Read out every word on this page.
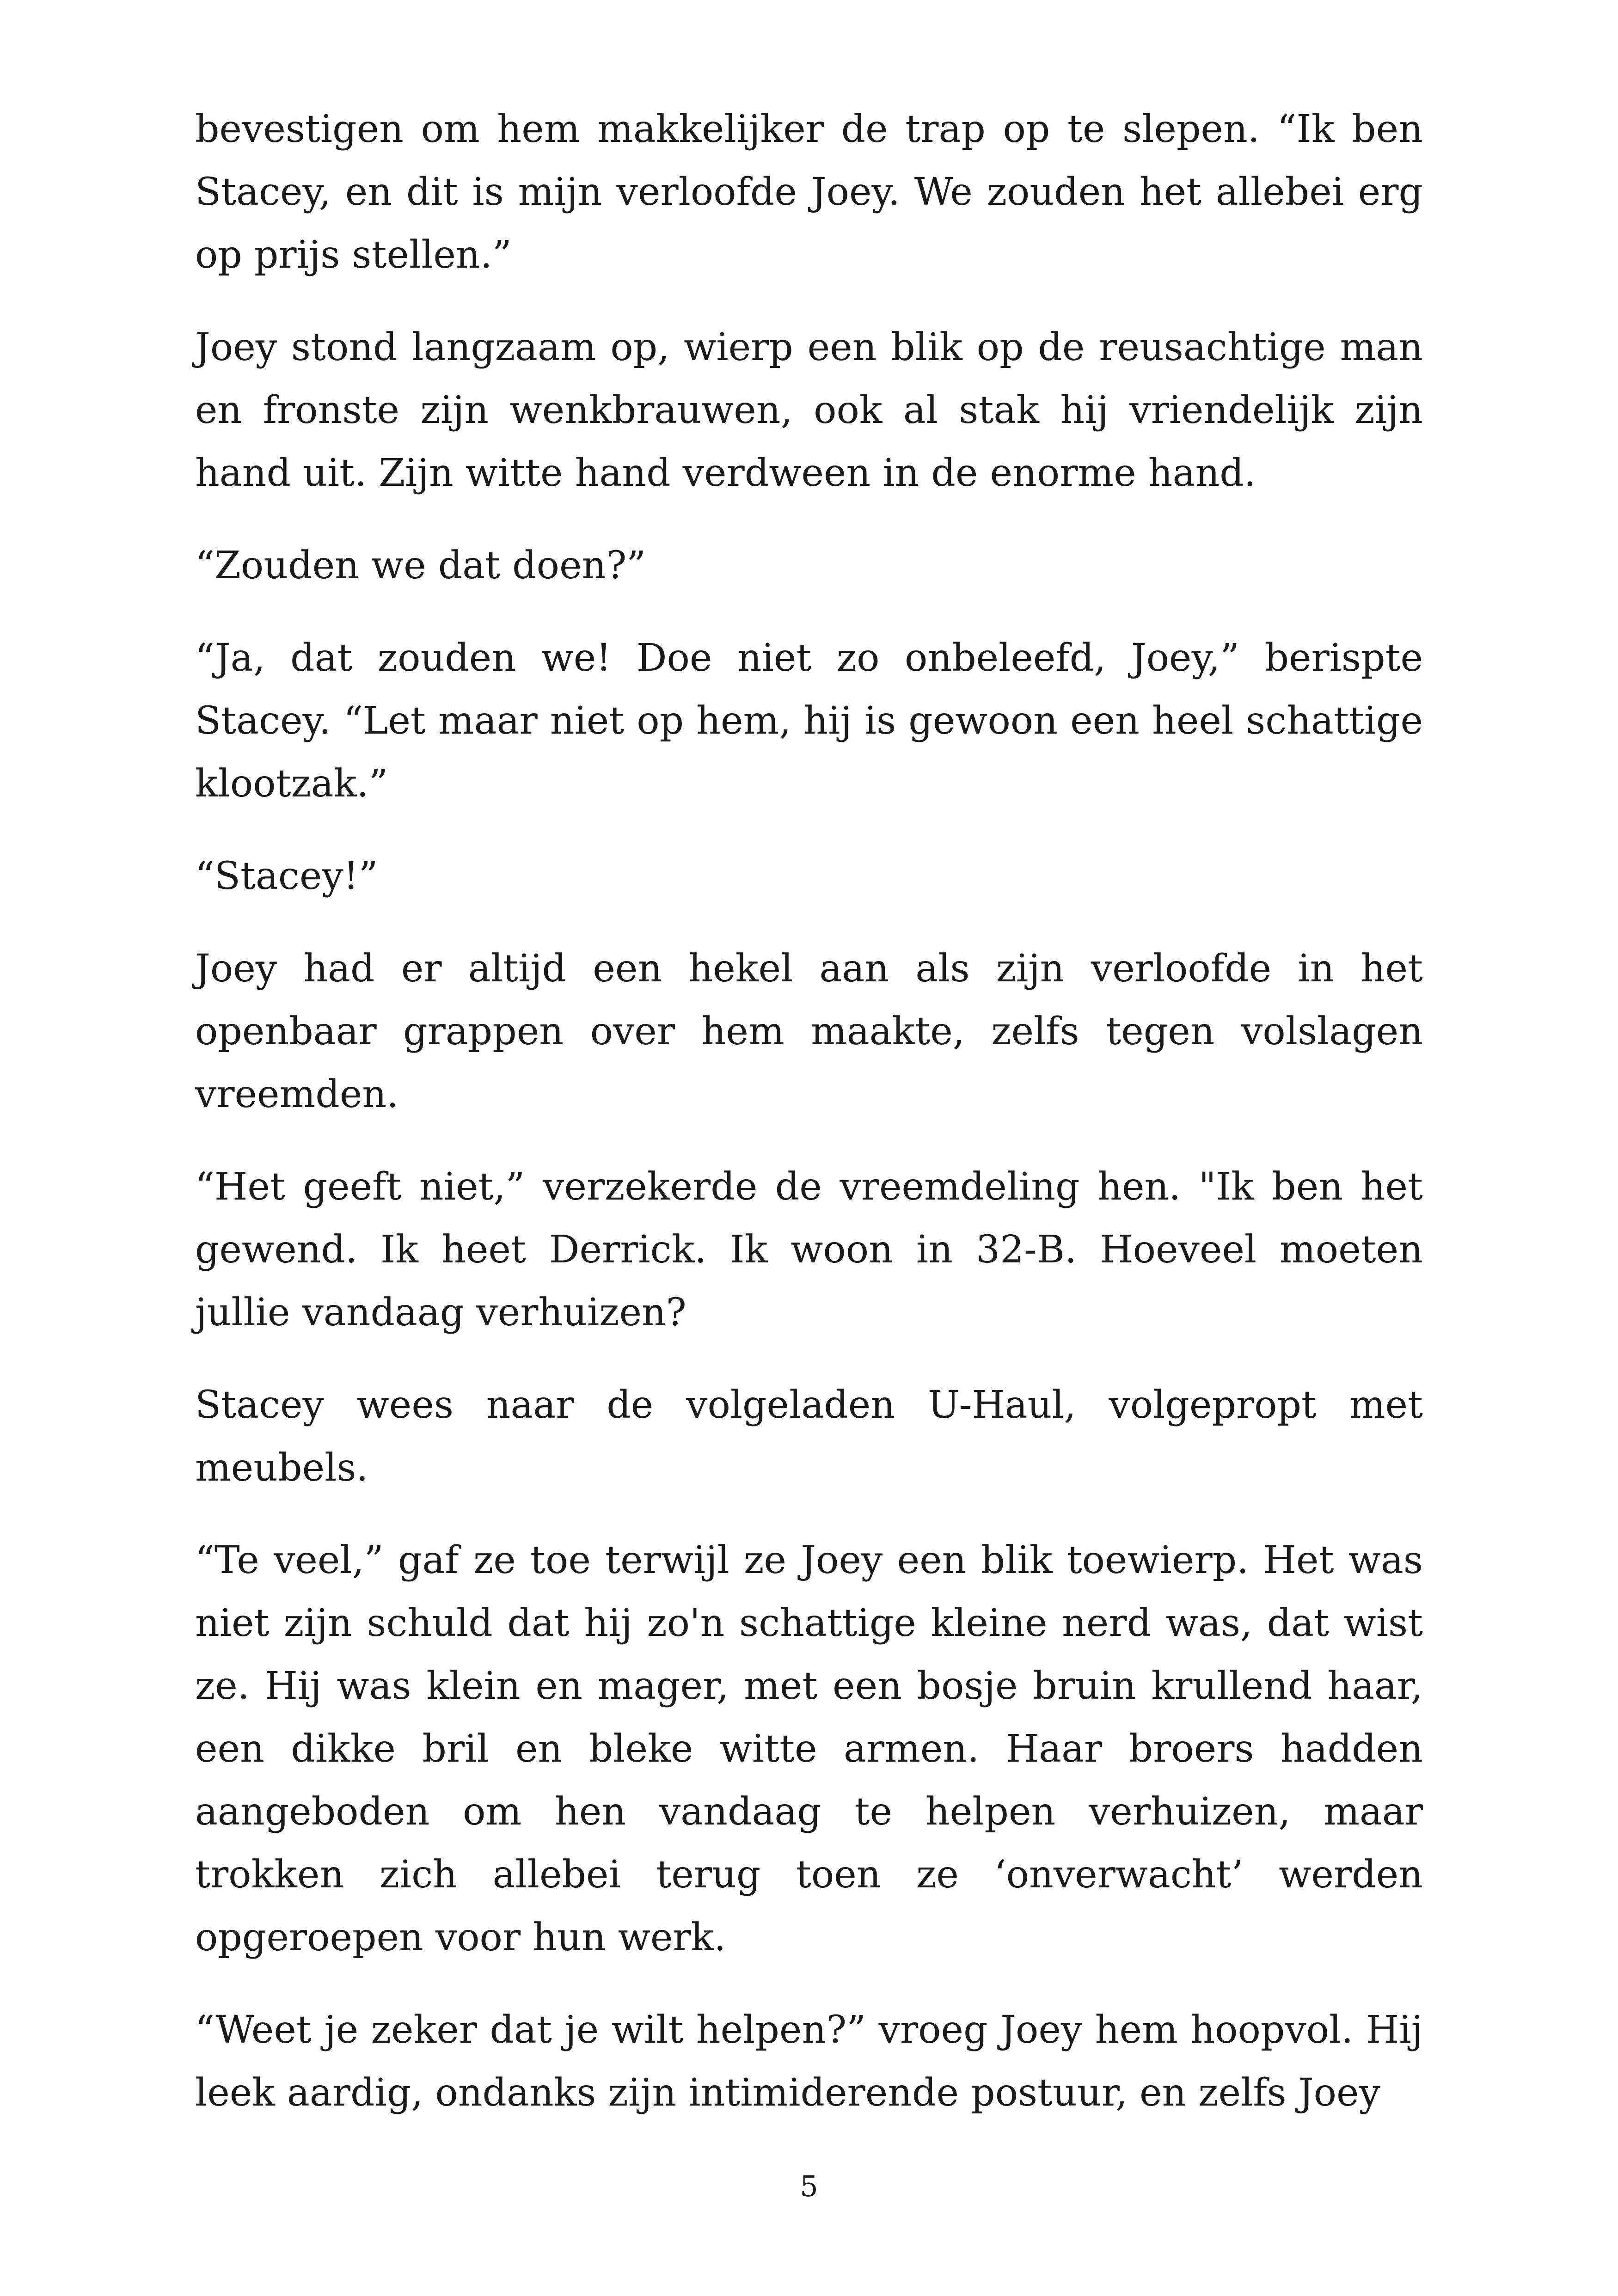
bevestigen om hem makkelijker de trap op te slepen. “Ik ben Stacey, en dit is mijn verloofde Joey. We zouden het allebei erg op prijs stellen.”

Joey stond langzaam op, wierp een blik op de reusachtige man en fronste zijn wenkbrauwen, ook al stak hij vriendelijk zijn hand uit. Zijn witte hand verdween in de enorme hand.

“Zouden we dat doen?”

“Ja, dat zouden we! Doe niet zo onbeleefd, Joey,” berispte Stacey. “Let maar niet op hem, hij is gewoon een heel schattige klootzak.”

“Stacey!”

Joey had er altijd een hekel aan als zijn verloofde in het openbaar grappen over hem maakte, zelfs tegen volslagen vreemden.

“Het geeft niet,” verzekerde de vreemdeling hen. "Ik ben het gewend. Ik heet Derrick. Ik woon in 32-B. Hoeveel moeten jullie vandaag verhuizen?

Stacey wees naar de volgeladen U-Haul, volgepropt met meubels.

“Te veel,” gaf ze toe terwijl ze Joey een blik toewierp. Het was niet zijn schuld dat hij zo'n schattige kleine nerd was, dat wist ze. Hij was klein en mager, met een bosje bruin krullend haar, een dikke bril en bleke witte armen. Haar broers hadden aangeboden om hen vandaag te helpen verhuizen, maar trokken zich allebei terug toen ze ‘onverwacht’ werden opgeroepen voor hun werk.

“Weet je zeker dat je wilt helpen?” vroeg Joey hem hoopvol. Hij leek aardig, ondanks zijn intimiderende postuur, en zelfs Joey

5
